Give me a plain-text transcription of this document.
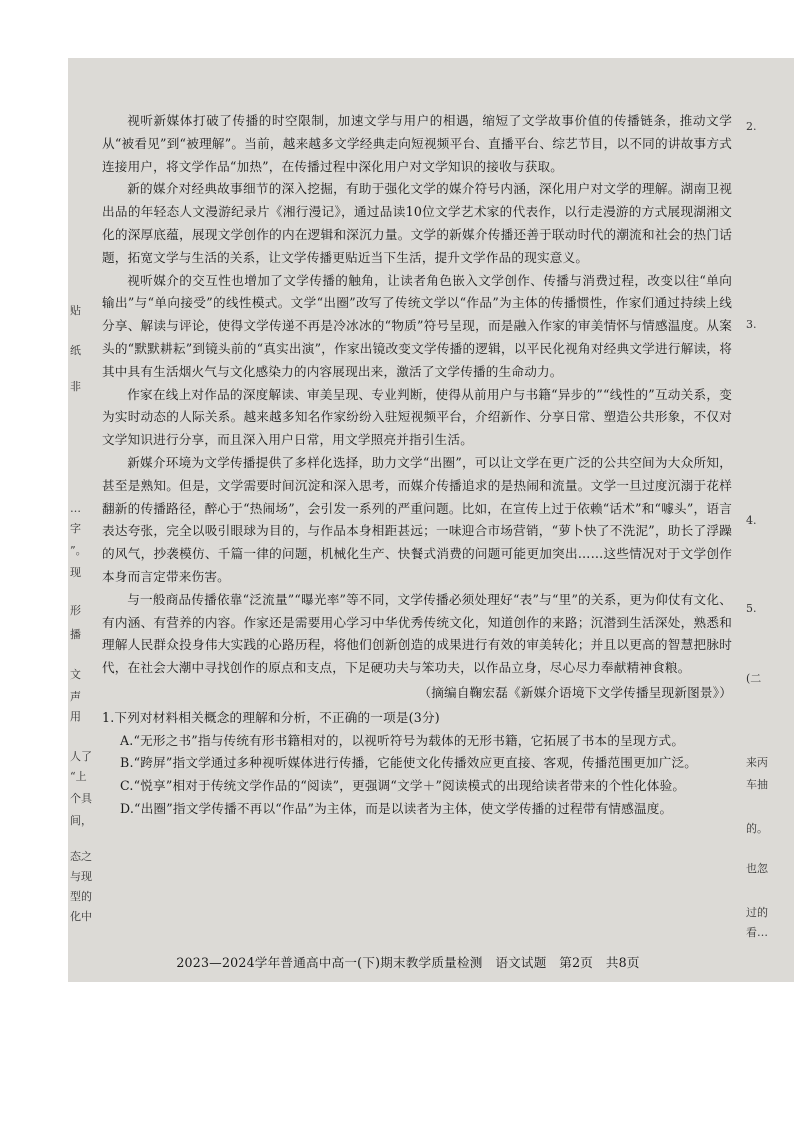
贴
纸
非
…
字
”。
现
形
播
文
声
用
人了
“上
个具
间，
态之
与现
型的
化中
2.
3.
4.
5.
(二
来丙
车抽
的。
也忽
过的
看…

视听新媒体打破了传播的时空限制，加速文学与用户的相遇，缩短了文学故事价值的传播链条，推动文学从“被看见”到“被理解”。当前，越来越多文学经典走向短视频平台、直播平台、综艺节目，以不同的讲故事方式连接用户，将文学作品“加热”，在传播过程中深化用户对文学知识的接收与获取。

新的媒介对经典故事细节的深入挖掘，有助于强化文学的媒介符号内涵，深化用户对文学的理解。湖南卫视出品的年轻态人文漫游纪录片《湘行漫记》，通过品读10位文学艺术家的代表作，以行走漫游的方式展现湖湘文化的深厚底蕴，展现文学创作的内在逻辑和深沉力量。文学的新媒介传播还善于联动时代的潮流和社会的热门话题，拓宽文学与生活的关系，让文学传播更贴近当下生活，提升文学作品的现实意义。

视听媒介的交互性也增加了文学传播的触角，让读者角色嵌入文学创作、传播与消费过程，改变以往“单向输出”与“单向接受”的线性模式。文学“出圈”改写了传统文学以“作品”为主体的传播惯性，作家们通过持续上线分享、解读与评论，使得文学传递不再是冷冰冰的“物质”符号呈现，而是融入作家的审美情怀与情感温度。从案头的“默默耕耘”到镜头前的“真实出演”，作家出镜改变文学传播的逻辑，以平民化视角对经典文学进行解读，将其中具有生活烟火气与文化感染力的内容展现出来，激活了文学传播的生命动力。

作家在线上对作品的深度解读、审美呈现、专业判断，使得从前用户与书籍“异步的”“线性的”互动关系，变为实时动态的人际关系。越来越多知名作家纷纷入驻短视频平台，介绍新作、分享日常、塑造公共形象，不仅对文学知识进行分享，而且深入用户日常，用文学照亮并指引生活。

新媒介环境为文学传播提供了多样化选择，助力文学“出圈”，可以让文学在更广泛的公共空间为大众所知，甚至是熟知。但是，文学需要时间沉淀和深入思考，而媒介传播追求的是热闹和流量。文学一旦过度沉溺于花样翻新的传播路径，醉心于“热闹场”，会引发一系列的严重问题。比如，在宣传上过于依赖“话术”和“噱头”，语言表达夸张，完全以吸引眼球为目的，与作品本身相距甚远；一味迎合市场营销，“萝卜快了不洗泥”，助长了浮躁的风气，抄袭模仿、千篇一律的问题，机械化生产、快餐式消费的问题可能更加突出……这些情况对于文学创作本身而言定带来伤害。

与一般商品传播依靠“泛流量”“曝光率”等不同，文学传播必须处理好“表”与“里”的关系，更为仰仗有文化、有内涵、有营养的内容。作家还是需要用心学习中华优秀传统文化，知道创作的来路；沉潜到生活深处，熟悉和理解人民群众投身伟大实践的心路历程，将他们创新创造的成果进行有效的审美转化；并且以更高的智慧把脉时代，在社会大潮中寻找创作的原点和支点，下足硬功夫与笨功夫，以作品立身，尽心尽力奉献精神食粮。

（摘编自鞠宏磊《新媒介语境下文学传播呈现新图景》）
1.下列对材料相关概念的理解和分析，不正确的一项是(3分)
A.“无形之书”指与传统有形书籍相对的，以视听符号为载体的无形书籍，它拓展了书本的呈现方式。
B.“跨屏”指文学通过多种视听媒体进行传播，它能使文化传播效应更直接、客观，传播范围更加广泛。
C.“悦享”相对于传统文学作品的“阅读”，更强调“文学＋”阅读模式的出现给读者带来的个性化体验。
D.“出圈”指文学传播不再以“作品”为主体，而是以读者为主体，使文学传播的过程带有情感温度。
2023—2024学年普通高中高一(下)期末教学质量检测　语文试题　第2页　共8页
